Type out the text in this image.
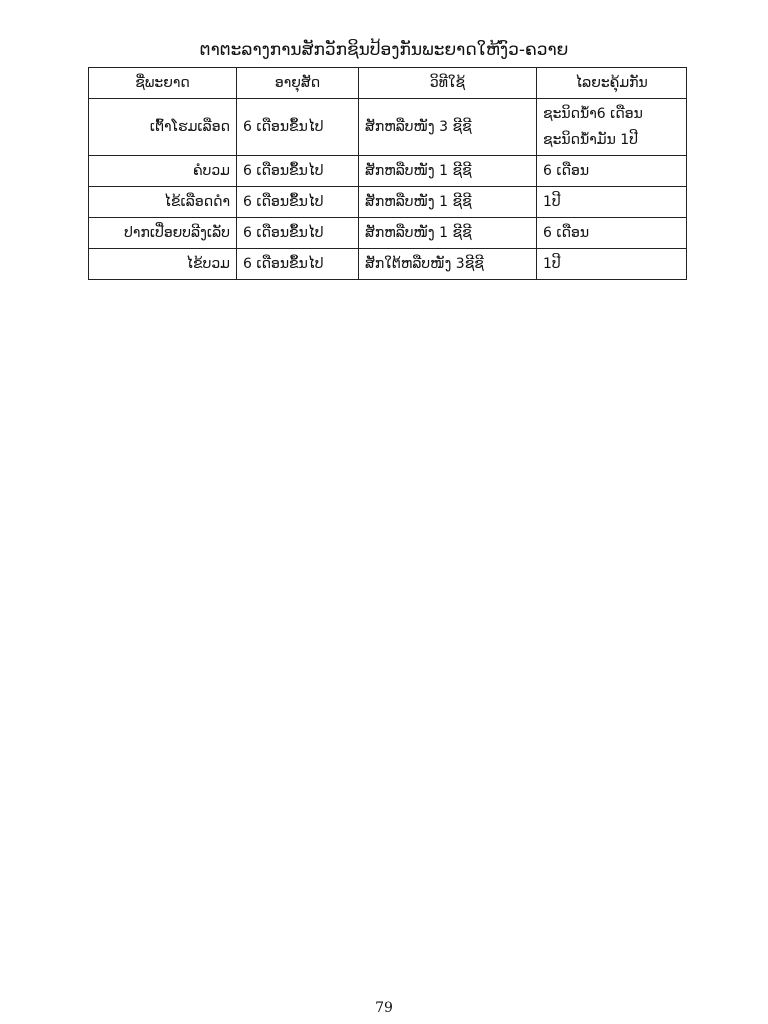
ຕາຕະລາງການສັກວັກຊິນປ້ອງກັນພະຍາດໃຫ້ງົວ-ຄວາຍ
ຊື່ພະຍາດ	ອາຍຸສັດ	ວິທີໃຊ້	ໄລຍະຄຸ້ມກັນ
ເຕົ້າໂຮມເລືອດ	6 ເດືອນຂຶ້ນໄປ	ສັກຫລືບໜັງ 3 ຊີຊີ	ຊະນິດນໍ້າ6 ເດືອນ
ຊະນິດນໍ້າມັນ 1ປີ

ຄໍບວມ	6 ເດືອນຂຶ້ນໄປ	ສັກຫລືບໜັງ 1 ຊີຊີ	6 ເດືອນ

ໄຂ້ເລືອດດຳ	6 ເດືອນຂຶ້ນໄປ	ສັກຫລືບໜັງ 1 ຊີຊີ	1ປີ

ປາກເປື່ອຍບລີງເລັບ	6 ເດືອນຂຶ້ນໄປ	ສັກຫລືບໜັງ 1 ຊີຊີ	6 ເດືອນ

ໄຂ້ບວມ	6 ເດືອນຂຶ້ນໄປ	ສັກໃຕ້ຫລືບໜັງ 3ຊີຊີ	1ປີ
79
